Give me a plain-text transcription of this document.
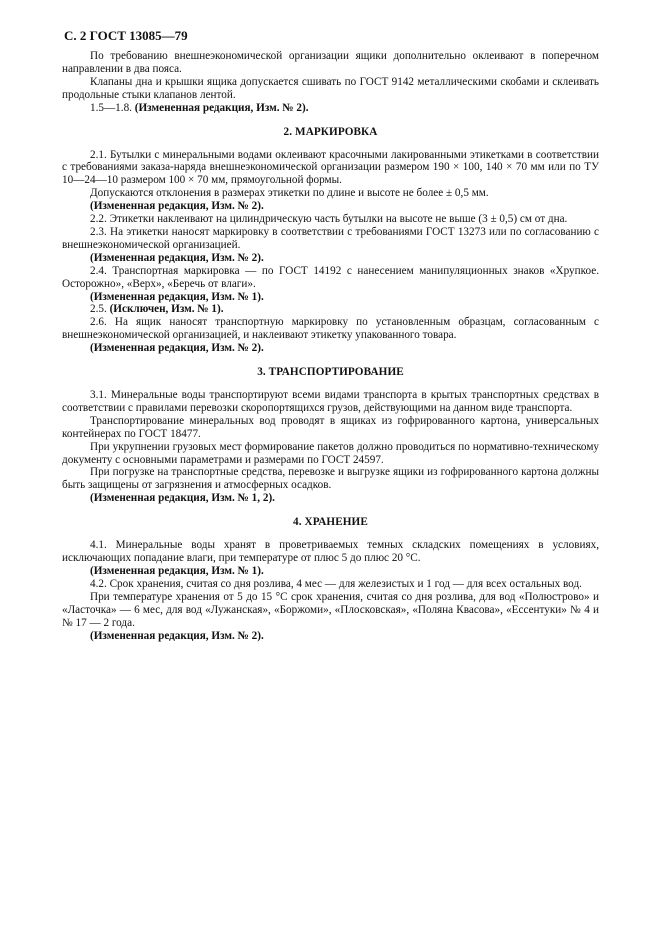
С. 2 ГОСТ 13085—79

По требованию внешнеэкономической организации ящики дополнительно оклеивают в поперечном направлении в два пояса.

Клапаны дна и крышки ящика допускается сшивать по ГОСТ 9142 металлическими скобами и склеивать продольные стыки клапанов лентой.

1.5—1.8. (Измененная редакция, Изм. № 2).

2. МАРКИРОВКА

2.1. Бутылки с минеральными водами оклеивают красочными лакированными этикетками в соответствии с требованиями заказа-наряда внешнеэкономической организации размером 190 × 100, 140 × 70 мм или по ТУ 10—24—10 размером 100 × 70 мм, прямоугольной формы.

Допускаются отклонения в размерах этикетки по длине и высоте не более ± 0,5 мм.

(Измененная редакция, Изм. № 2).

2.2. Этикетки наклеивают на цилиндрическую часть бутылки на высоте не выше (3 ± 0,5) см от дна.

2.3. На этикетки наносят маркировку в соответствии с требованиями ГОСТ 13273 или по согласованию с внешнеэкономической организацией.

(Измененная редакция, Изм. № 2).

2.4. Транспортная маркировка — по ГОСТ 14192 с нанесением манипуляционных знаков «Хрупкое. Осторожно», «Верх», «Беречь от влаги».

(Измененная редакция, Изм. № 1).

2.5. (Исключен, Изм. № 1).

2.6. На ящик наносят транспортную маркировку по установленным образцам, согласованным с внешнеэкономической организацией, и наклеивают этикетку упакованного товара.

(Измененная редакция, Изм. № 2).

3. ТРАНСПОРТИРОВАНИЕ

3.1. Минеральные воды транспортируют всеми видами транспорта в крытых транспортных средствах в соответствии с правилами перевозки скоропортящихся грузов, действующими на данном виде транспорта.

Транспортирование минеральных вод проводят в ящиках из гофрированного картона, универсальных контейнерах по ГОСТ 18477.

При укрупнении грузовых мест формирование пакетов должно проводиться по нормативно-техническому документу с основными параметрами и размерами по ГОСТ 24597.

При погрузке на транспортные средства, перевозке и выгрузке ящики из гофрированного картона должны быть защищены от загрязнения и атмосферных осадков.

(Измененная редакция, Изм. № 1, 2).

4. ХРАНЕНИЕ

4.1. Минеральные воды хранят в проветриваемых темных складских помещениях в условиях, исключающих попадание влаги, при температуре от плюс 5 до плюс 20 °С.

(Измененная редакция, Изм. № 1).

4.2. Срок хранения, считая со дня розлива, 4 мес — для железистых и 1 год — для всех остальных вод.

При температуре хранения от 5 до 15 °С срок хранения, считая со дня розлива, для вод «Полюстрово» и «Ласточка» — 6 мес, для вод «Лужанская», «Боржоми», «Плосковская», «Поляна Квасова», «Ессентуки» № 4 и № 17 — 2 года.

(Измененная редакция, Изм. № 2).
